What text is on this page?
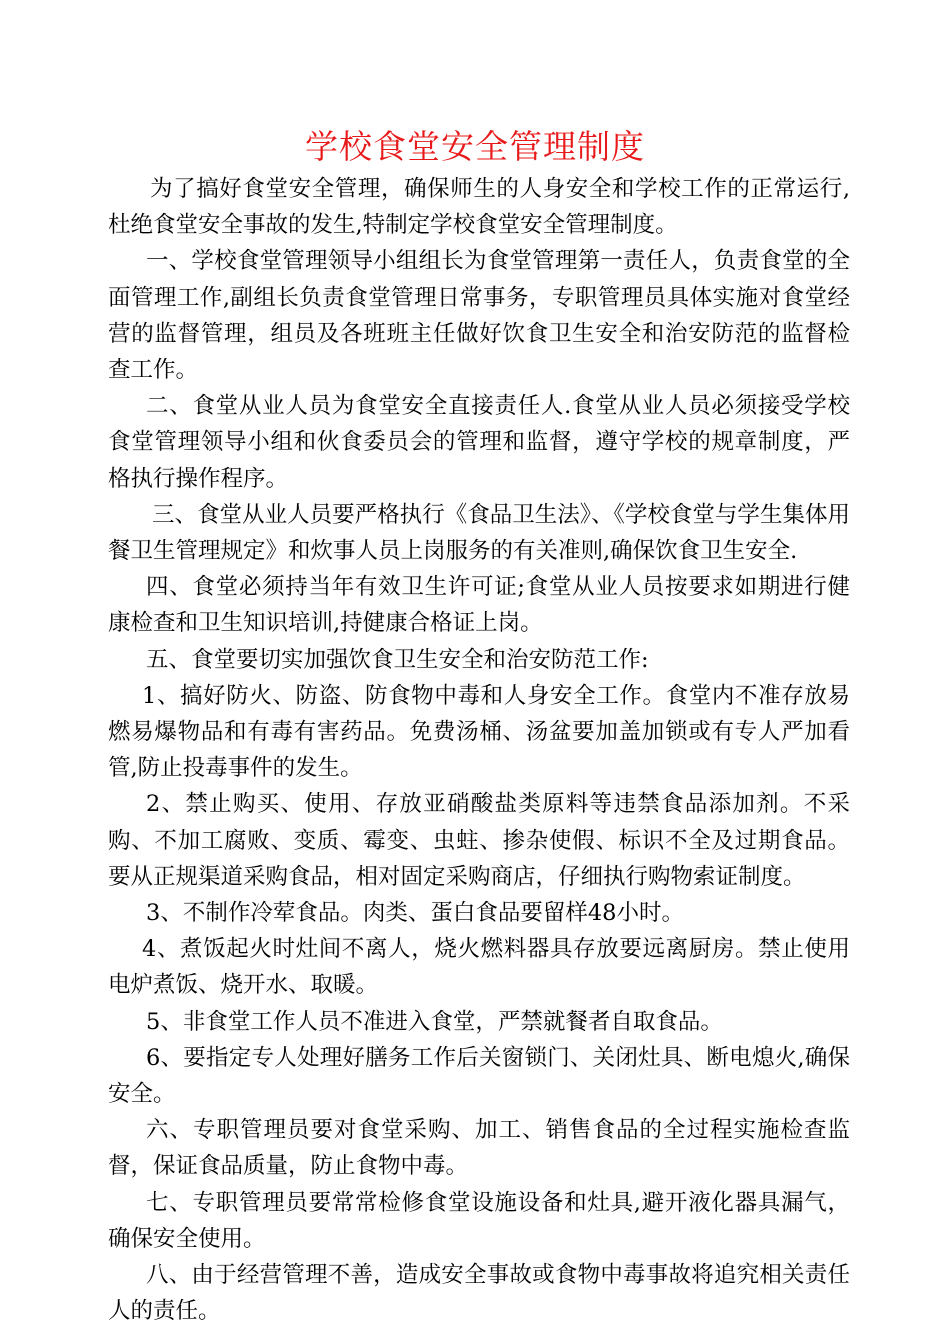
学校食堂安全管理制度

为了搞好食堂安全管理，确保师生的人身安全和学校工作的正常运行,杜绝食堂安全事故的发生,特制定学校食堂安全管理制度。

一、学校食堂管理领导小组组长为食堂管理第一责任人，负责食堂的全面管理工作,副组长负责食堂管理日常事务，专职管理员具体实施对食堂经营的监督管理，组员及各班班主任做好饮食卫生安全和治安防范的监督检查工作。

二、食堂从业人员为食堂安全直接责任人.食堂从业人员必须接受学校食堂管理领导小组和伙食委员会的管理和监督，遵守学校的规章制度，严格执行操作程序。

三、食堂从业人员要严格执行《食品卫生法》、《学校食堂与学生集体用餐卫生管理规定》和炊事人员上岗服务的有关准则,确保饮食卫生安全.

四、食堂必须持当年有效卫生许可证;食堂从业人员按要求如期进行健康检查和卫生知识培训,持健康合格证上岗。

五、食堂要切实加强饮食卫生安全和治安防范工作:

1、搞好防火、防盗、防食物中毒和人身安全工作。食堂内不准存放易燃易爆物品和有毒有害药品。免费汤桶、汤盆要加盖加锁或有专人严加看管,防止投毒事件的发生。

2、禁止购买、使用、存放亚硝酸盐类原料等违禁食品添加剂。不采购、不加工腐败、变质、霉变、虫蛀、掺杂使假、标识不全及过期食品。要从正规渠道采购食品，相对固定采购商店，仔细执行购物索证制度。

3、不制作冷荤食品。肉类、蛋白食品要留样48小时。

4、煮饭起火时灶间不离人，烧火燃料器具存放要远离厨房。禁止使用电炉煮饭、烧开水、取暖。

5、非食堂工作人员不准进入食堂，严禁就餐者自取食品。

6、要指定专人处理好膳务工作后关窗锁门、关闭灶具、断电熄火,确保安全。

六、专职管理员要对食堂采购、加工、销售食品的全过程实施检查监督，保证食品质量，防止食物中毒。

七、专职管理员要常常检修食堂设施设备和灶具,避开液化器具漏气，确保安全使用。

八、由于经营管理不善，造成安全事故或食物中毒事故将追究相关责任人的责任。
